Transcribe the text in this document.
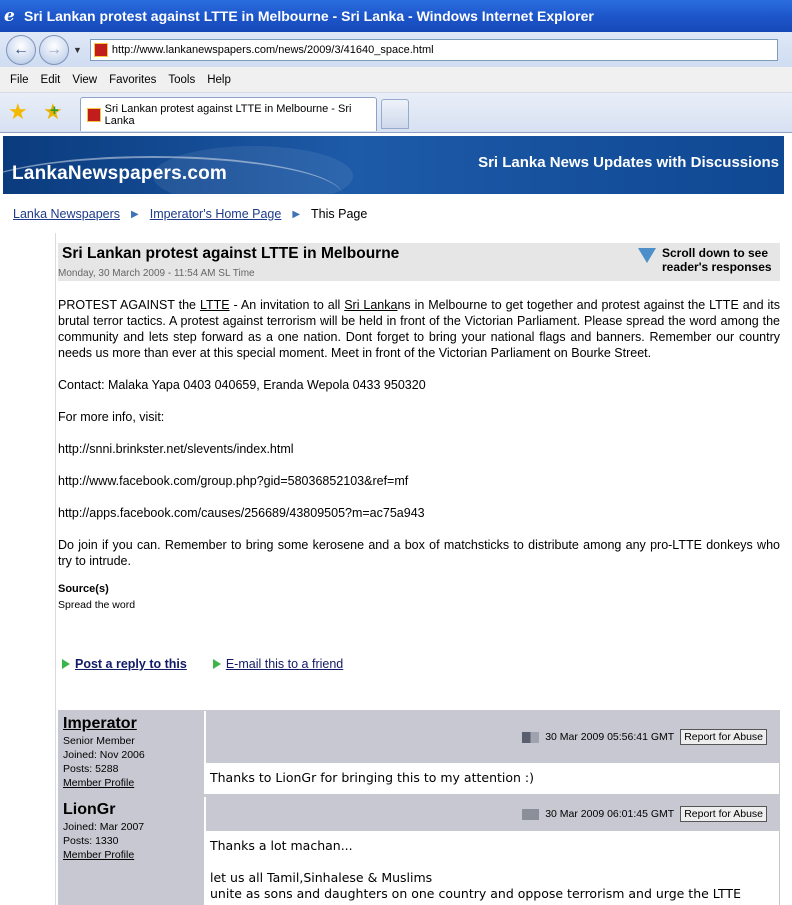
e Sri Lankan protest against LTTE in Melbourne - Sri Lanka - Windows Internet Explorer
← → ▼	http://www.lankanewspapers.com/news/2009/3/41640_space.html
File	Edit	View	Favorites	Tools	Help
★ ★ +	Sri Lankan protest against LTTE in Melbourne - Sri Lanka
LankaNewspapers.com
Sri Lanka News Updates with Discussions
Lanka Newspapers ▶ Imperator's Home Page ▶ This Page
Sri Lankan protest against LTTE in Melbourne
Monday, 30 March 2009 - 11:54 AM SL Time
Scroll down to see reader's responses

PROTEST AGAINST the LTTE - An invitation to all Sri Lankans in Melbourne to get together and protest against the LTTE and its brutal terror tactics. A protest against terrorism will be held in front of the Victorian Parliament. Please spread the word among the community and lets step forward as a one nation. Dont forget to bring your national flags and banners. Remember our country needs us more than ever at this special moment. Meet in front of the Victorian Parliament on Bourke Street.

Contact: Malaka Yapa 0403 040659, Eranda Wepola 0433 950320

For more info, visit:

http://snni.brinkster.net/slevents/index.html

http://www.facebook.com/group.php?gid=58036852103&ref=mf

http://apps.facebook.com/causes/256689/43809505?m=ac75a943

Do join if you can. Remember to bring some kerosene and a box of matchsticks to distribute among any pro-LTTE donkeys who try to intrude.

Source(s)
Spread the word
Post a reply to this	E-mail this to a friend
Imperator
Senior Member
Joined: Nov 2006
Posts: 5288
Member Profile
30 Mar 2009 05:56:41 GMT Report for Abuse
Thanks to LionGr for bringing this to my attention :)
LionGr
Joined: Mar 2007
Posts: 1330
Member Profile
30 Mar 2009 06:01:45 GMT Report for Abuse
Thanks a lot machan...
let us all Tamil,Sinhalese & Muslims
unite as sons and daughters on one country and oppose terrorism and urge the LTTE
